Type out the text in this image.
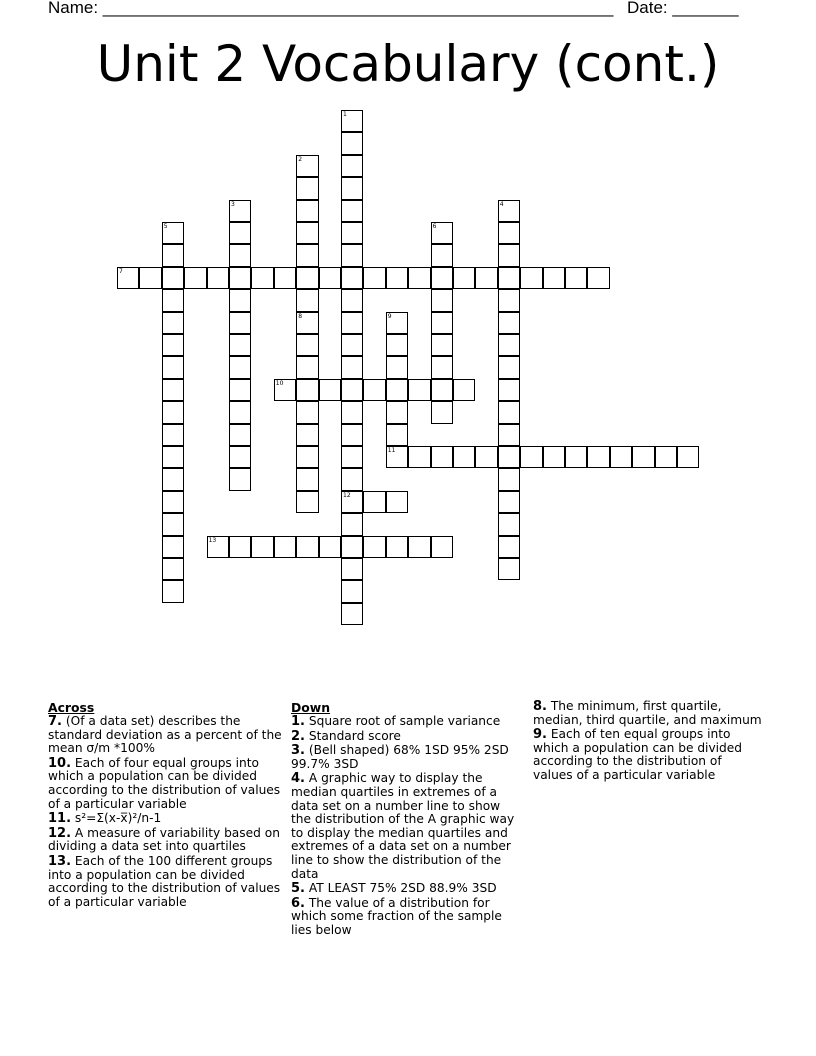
Name: ______________________________________________________ Date: _______
Unit 2 Vocabulary (cont.)
1
12
2
8
3	4
5	6
7
9
11
10
13
Across
7. (Of a data set) describes the standard deviation as a percent of the mean σ/m *100%
10. Each of four equal groups into which a population can be divided according to the distribution of values of a particular variable
11. s²=Σ(x-x̅)²/n-1
12. A measure of variability based on dividing a data set into quartiles
13. Each of the 100 different groups into a population can be divided according to the distribution of values of a particular variable
Down
1. Square root of sample variance
2. Standard score
3. (Bell shaped) 68% 1SD 95% 2SD 99.7% 3SD
4. A graphic way to display the median quartiles in extremes of a data set on a number line to show the distribution of the A graphic way to display the median quartiles and extremes of a data set on a number line to show the distribution of the data
5. AT LEAST 75% 2SD 88.9% 3SD
6. The value of a distribution for which some fraction of the sample lies below
8. The minimum, first quartile, median, third quartile, and maximum
9. Each of ten equal groups into which a population can be divided according to the distribution of values of a particular variable
